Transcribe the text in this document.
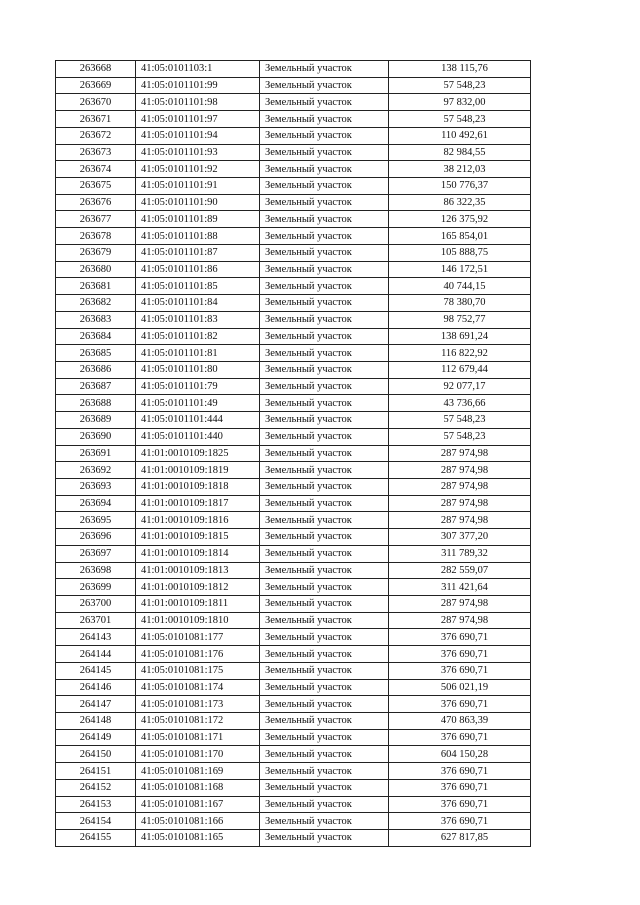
263668	41:05:0101103:1	Земельный участок	138 115,76
263669	41:05:0101101:99	Земельный участок	57 548,23
263670	41:05:0101101:98	Земельный участок	97 832,00
263671	41:05:0101101:97	Земельный участок	57 548,23
263672	41:05:0101101:94	Земельный участок	110 492,61
263673	41:05:0101101:93	Земельный участок	82 984,55
263674	41:05:0101101:92	Земельный участок	38 212,03
263675	41:05:0101101:91	Земельный участок	150 776,37
263676	41:05:0101101:90	Земельный участок	86 322,35
263677	41:05:0101101:89	Земельный участок	126 375,92
263678	41:05:0101101:88	Земельный участок	165 854,01
263679	41:05:0101101:87	Земельный участок	105 888,75
263680	41:05:0101101:86	Земельный участок	146 172,51
263681	41:05:0101101:85	Земельный участок	40 744,15
263682	41:05:0101101:84	Земельный участок	78 380,70
263683	41:05:0101101:83	Земельный участок	98 752,77
263684	41:05:0101101:82	Земельный участок	138 691,24
263685	41:05:0101101:81	Земельный участок	116 822,92
263686	41:05:0101101:80	Земельный участок	112 679,44
263687	41:05:0101101:79	Земельный участок	92 077,17
263688	41:05:0101101:49	Земельный участок	43 736,66
263689	41:05:0101101:444	Земельный участок	57 548,23
263690	41:05:0101101:440	Земельный участок	57 548,23
263691	41:01:0010109:1825	Земельный участок	287 974,98
263692	41:01:0010109:1819	Земельный участок	287 974,98
263693	41:01:0010109:1818	Земельный участок	287 974,98
263694	41:01:0010109:1817	Земельный участок	287 974,98
263695	41:01:0010109:1816	Земельный участок	287 974,98
263696	41:01:0010109:1815	Земельный участок	307 377,20
263697	41:01:0010109:1814	Земельный участок	311 789,32
263698	41:01:0010109:1813	Земельный участок	282 559,07
263699	41:01:0010109:1812	Земельный участок	311 421,64
263700	41:01:0010109:1811	Земельный участок	287 974,98
263701	41:01:0010109:1810	Земельный участок	287 974,98
264143	41:05:0101081:177	Земельный участок	376 690,71
264144	41:05:0101081:176	Земельный участок	376 690,71
264145	41:05:0101081:175	Земельный участок	376 690,71
264146	41:05:0101081:174	Земельный участок	506 021,19
264147	41:05:0101081:173	Земельный участок	376 690,71
264148	41:05:0101081:172	Земельный участок	470 863,39
264149	41:05:0101081:171	Земельный участок	376 690,71
264150	41:05:0101081:170	Земельный участок	604 150,28
264151	41:05:0101081:169	Земельный участок	376 690,71
264152	41:05:0101081:168	Земельный участок	376 690,71
264153	41:05:0101081:167	Земельный участок	376 690,71
264154	41:05:0101081:166	Земельный участок	376 690,71
264155	41:05:0101081:165	Земельный участок	627 817,85
